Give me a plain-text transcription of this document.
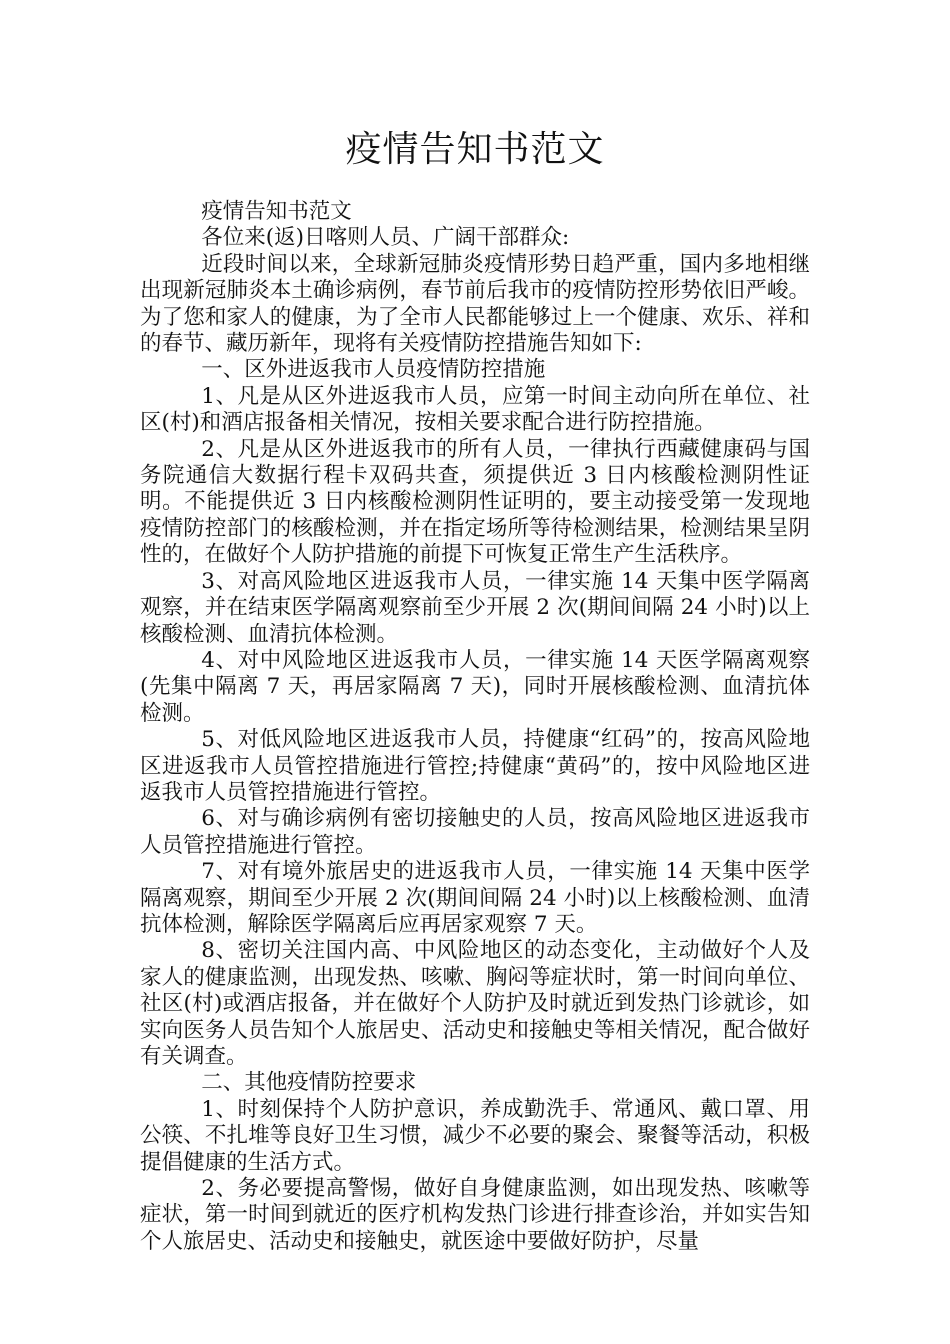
疫情告知书范文

疫情告知书范文

各位来(返)日喀则人员、广阔干部群众:

近段时间以来，全球新冠肺炎疫情形势日趋严重，国内多地相继出现新冠肺炎本土确诊病例，春节前后我市的疫情防控形势依旧严峻。为了您和家人的健康，为了全市人民都能够过上一个健康、欢乐、祥和的春节、藏历新年，现将有关疫情防控措施告知如下:

一、区外进返我市人员疫情防控措施

1、凡是从区外进返我市人员，应第一时间主动向所在单位、社区(村)和酒店报备相关情况，按相关要求配合进行防控措施。

2、凡是从区外进返我市的所有人员，一律执行西藏健康码与国务院通信大数据行程卡双码共查，须提供近 3 日内核酸检测阴性证明。不能提供近 3 日内核酸检测阴性证明的，要主动接受第一发现地疫情防控部门的核酸检测，并在指定场所等待检测结果，检测结果呈阴性的，在做好个人防护措施的前提下可恢复正常生产生活秩序。

3、对高风险地区进返我市人员，一律实施 14 天集中医学隔离观察，并在结束医学隔离观察前至少开展 2 次(期间间隔 24 小时)以上核酸检测、血清抗体检测。

4、对中风险地区进返我市人员，一律实施 14 天医学隔离观察(先集中隔离 7 天，再居家隔离 7 天)，同时开展核酸检测、血清抗体检测。

5、对低风险地区进返我市人员，持健康“红码”的，按高风险地区进返我市人员管控措施进行管控;持健康“黄码”的，按中风险地区进返我市人员管控措施进行管控。

6、对与确诊病例有密切接触史的人员，按高风险地区进返我市人员管控措施进行管控。

7、对有境外旅居史的进返我市人员，一律实施 14 天集中医学隔离观察，期间至少开展 2 次(期间间隔 24 小时)以上核酸检测、血清抗体检测，解除医学隔离后应再居家观察 7 天。

8、密切关注国内高、中风险地区的动态变化，主动做好个人及家人的健康监测，出现发热、咳嗽、胸闷等症状时，第一时间向单位、社区(村)或酒店报备，并在做好个人防护及时就近到发热门诊就诊，如实向医务人员告知个人旅居史、活动史和接触史等相关情况，配合做好有关调查。

二、其他疫情防控要求

1、时刻保持个人防护意识，养成勤洗手、常通风、戴口罩、用公筷、不扎堆等良好卫生习惯，减少不必要的聚会、聚餐等活动，积极提倡健康的生活方式。

2、务必要提高警惕，做好自身健康监测，如出现发热、咳嗽等症状，第一时间到就近的医疗机构发热门诊进行排查诊治，并如实告知个人旅居史、活动史和接触史，就医途中要做好防护，尽量
